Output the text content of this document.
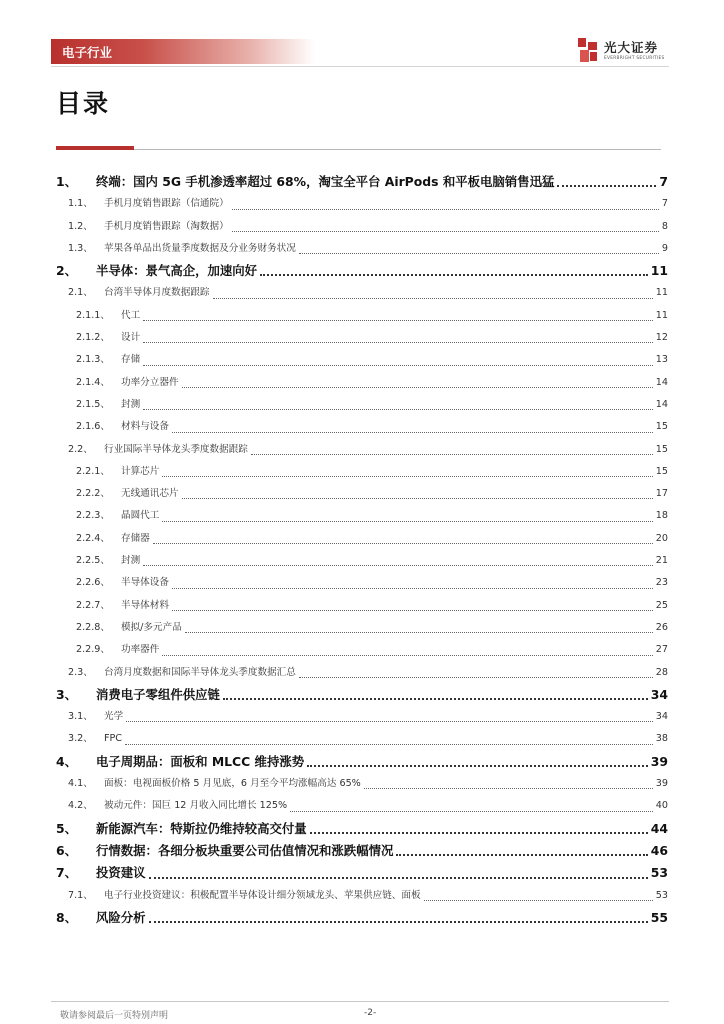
电子行业	光大证券
EVERBRIGHT SECURITIES
目录
1、	终端：国内 5G 手机渗透率超过 68%，淘宝全平台 AirPods 和平板电脑销售迅猛	7
1.1、	手机月度销售跟踪（信通院）	7
1.2、	手机月度销售跟踪（淘数据）	8
1.3、	苹果各单品出货量季度数据及分业务财务状况	9
2、	半导体：景气高企，加速向好	11
2.1、	台湾半导体月度数据跟踪	11
2.1.1、	代工	11
2.1.2、	设计	12
2.1.3、	存储	13
2.1.4、	功率分立器件	14
2.1.5、	封测	14
2.1.6、	材料与设备	15
2.2、	行业国际半导体龙头季度数据跟踪	15
2.2.1、	计算芯片	15
2.2.2、	无线通讯芯片	17
2.2.3、	晶圆代工	18
2.2.4、	存储器	20
2.2.5、	封测	21
2.2.6、	半导体设备	23
2.2.7、	半导体材料	25
2.2.8、	模拟/多元产品	26
2.2.9、	功率器件	27
2.3、	台湾月度数据和国际半导体龙头季度数据汇总	28
3、	消费电子零组件供应链	34
3.1、	光学	34
3.2、	FPC	38
4、	电子周期品：面板和 MLCC 维持涨势	39
4.1、	面板：电视面板价格 5 月见底，6 月至今平均涨幅高达 65%	39
4.2、	被动元件：国巨 12 月收入同比增长 125%	40
5、	新能源汽车：特斯拉仍维持较高交付量	44
6、	行情数据：各细分板块重要公司估值情况和涨跌幅情况	46
7、	投资建议	53
7.1、	电子行业投资建议：积极配置半导体设计细分领域龙头、苹果供应链、面板	53
8、	风险分析	55
敬请参阅最后一页特别声明	-2-
